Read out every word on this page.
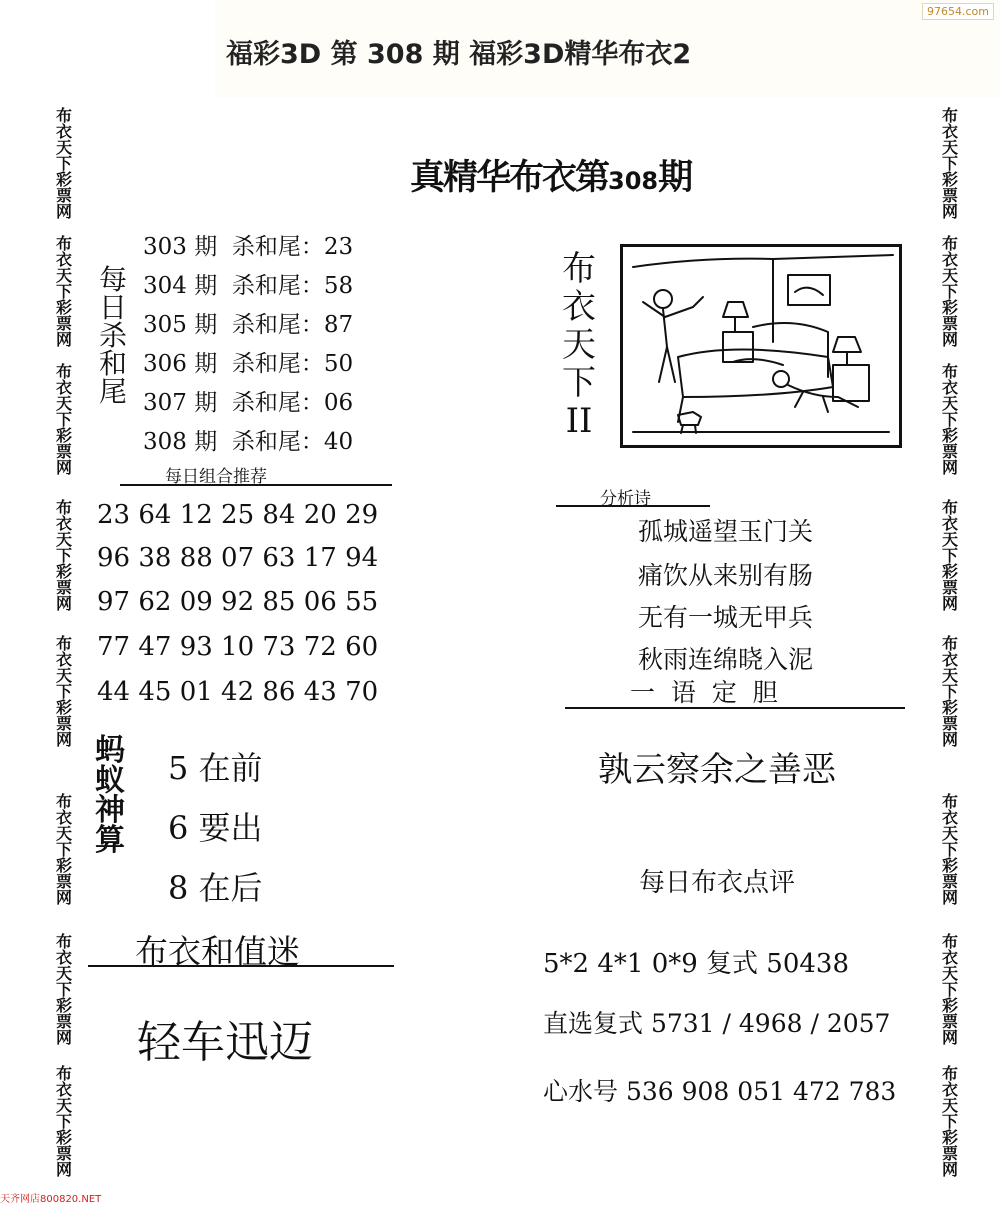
97654.com
福彩3D 第 308 期 福彩3D精华布衣2
真精华布衣第308期
布
衣
天
下
彩
票
网
布
衣
天
下
彩
票
网
布
衣
天
下
彩
票
网
布
衣
天
下
彩
票
网
布
衣
天
下
彩
票
网
布
衣
天
下
彩
票
网
布
衣
天
下
彩
票
网
布
衣
天
下
彩
票
网
布
衣
天
下
彩
票
网
布
衣
天
下
彩
票
网
布
衣
天
下
彩
票
网
布
衣
天
下
彩
票
网
布
衣
天
下
彩
票
网
布
衣
天
下
彩
票
网
布
衣
天
下
彩
票
网
布
衣
天
下
彩
票
网
每
日
杀
和
尾
303 期  杀和尾：23
304 期  杀和尾：58
305 期  杀和尾：87
306 期  杀和尾：50
307 期  杀和尾：06
308 期  杀和尾：40
每日组合推荐
23 64 12 25 84 20 29
96 38 88 07 63 17 94
97 62 09 92 85 06 55
77 47 93 10 73 72 60
44 45 01 42 86 43 70
蚂
蚁
神
算
5 在前
6 要出
8 在后
布衣和值迷
轻车迅迈
布
衣
天
下
II
分析诗
孤城遥望玉门关
痛饮从来别有肠
无有一城无甲兵
秋雨连绵晓入泥
一  语  定  胆
孰云察余之善恶
每日布衣点评
5*2 4*1 0*9 复式 50438
直选复式 5731 / 4968 / 2057
心水号 536 908 051 472 783
天齐网店800820.NET
